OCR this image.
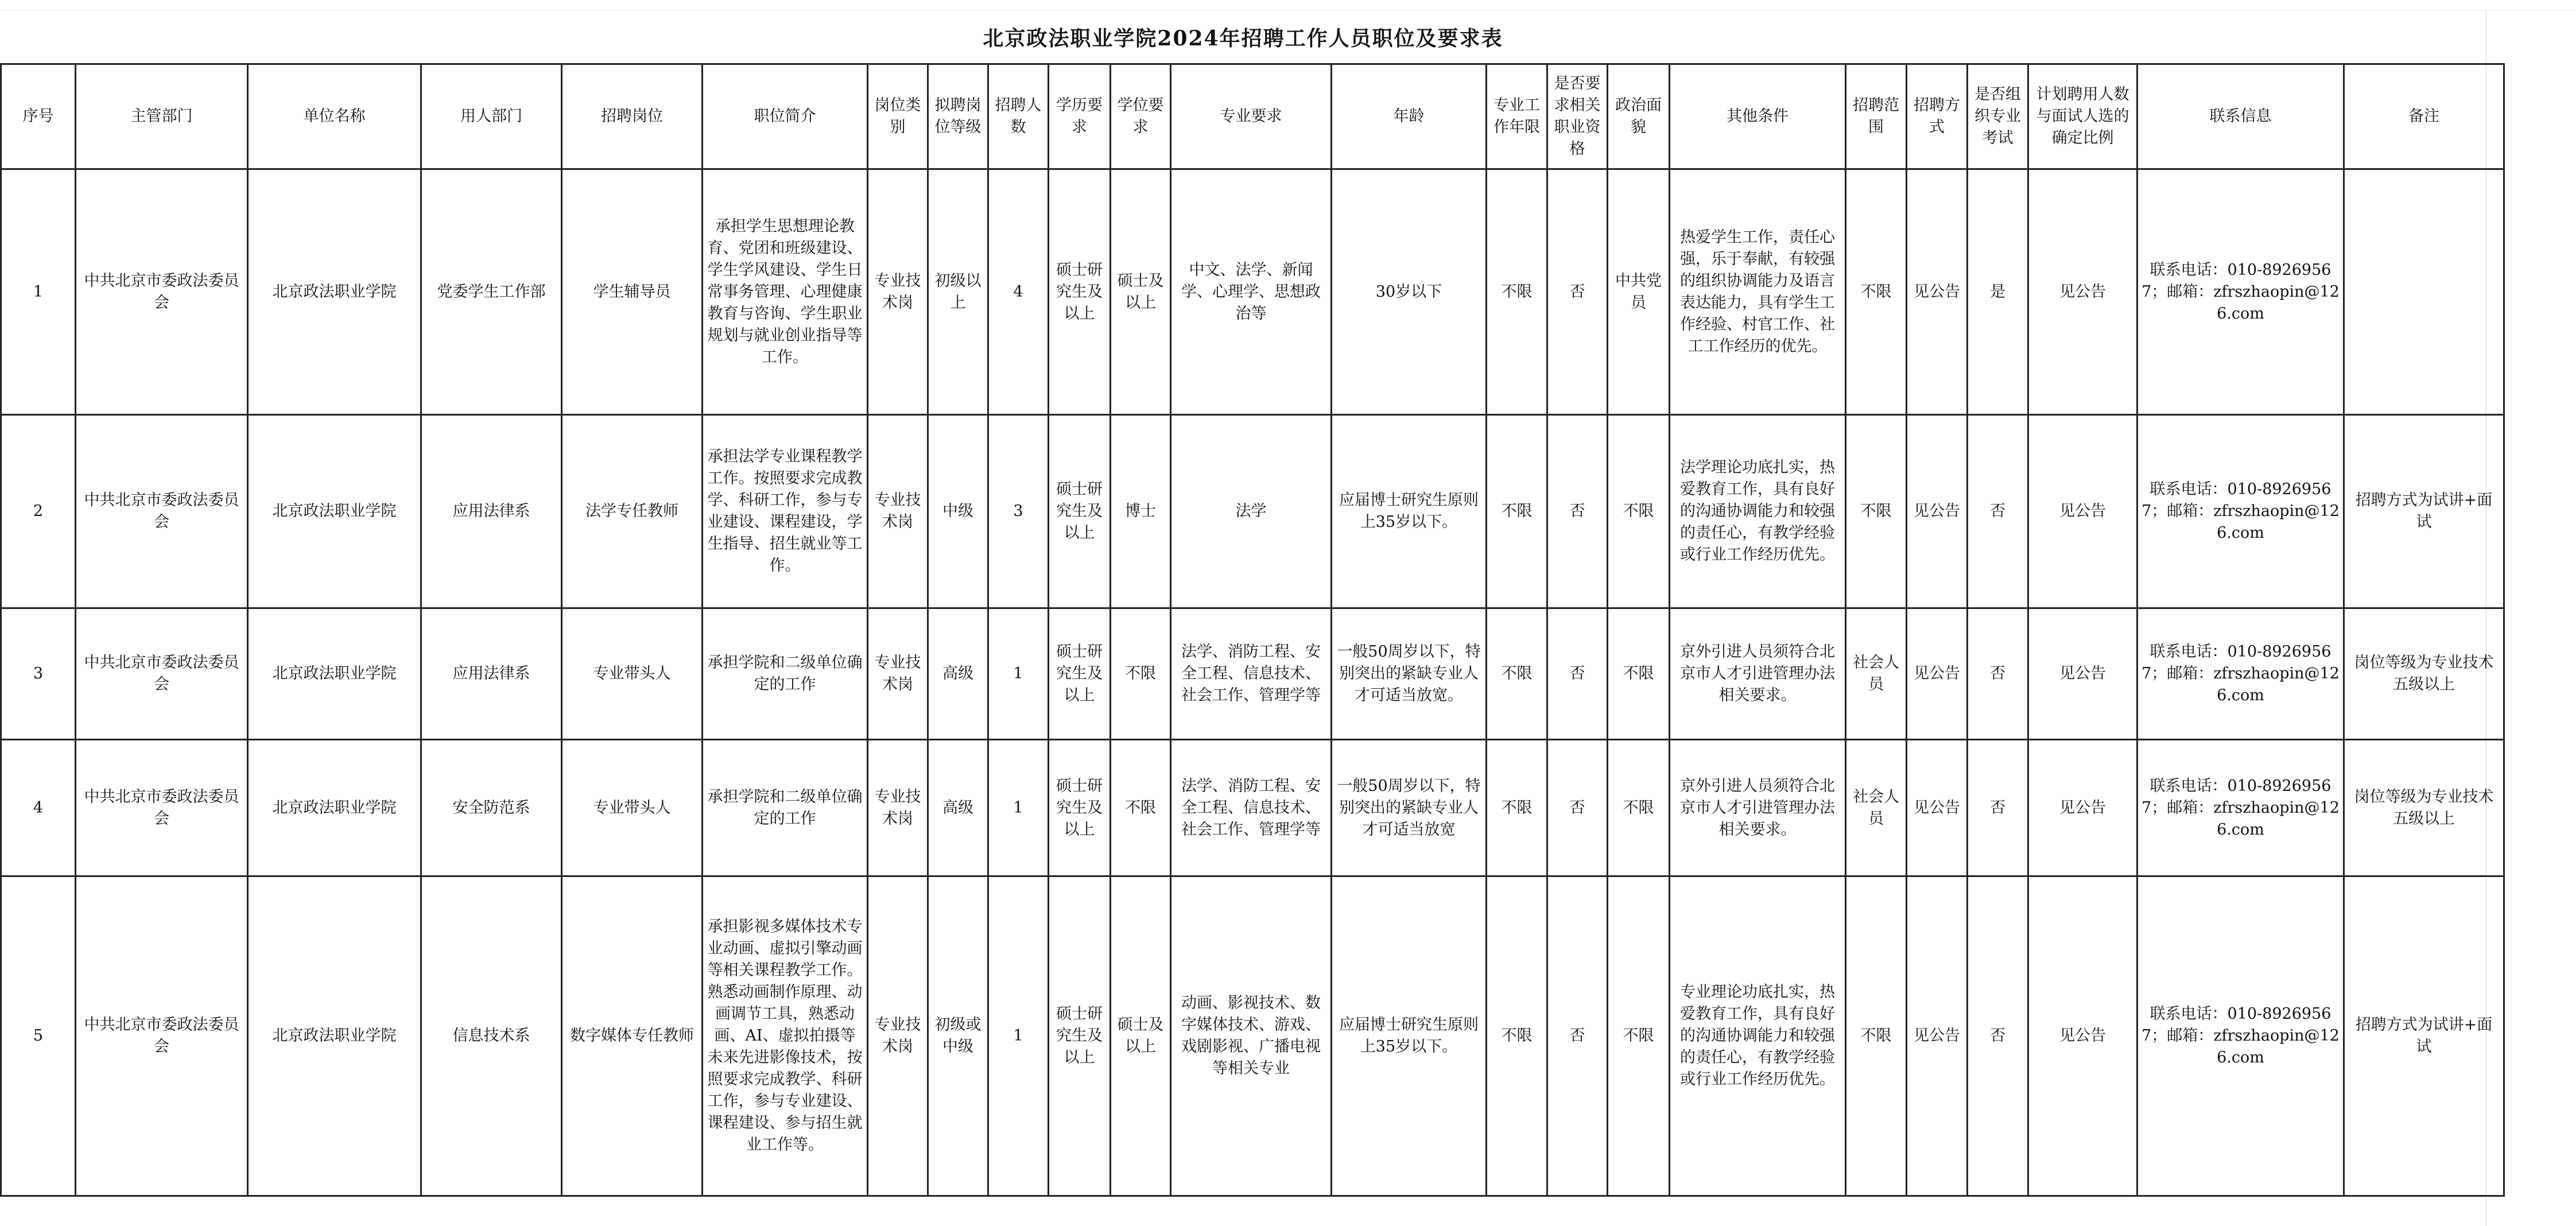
北京政法职业学院2024年招聘工作人员职位及要求表
序号	主管部门	单位名称	用人部门	招聘岗位	职位简介	岗位类别	拟聘岗位等级	招聘人数	学历要求	学位要求	专业要求	年龄	专业工作年限	是否要求相关职业资格	政治面貌	其他条件	招聘范围	招聘方式	是否组织专业考试	计划聘用人数与面试人选的确定比例	联系信息	备注
1	中共北京市委政法委员会	北京政法职业学院	党委学生工作部	学生辅导员	承担学生思想理论教育、党团和班级建设、学生学风建设、学生日常事务管理、心理健康教育与咨询、学生职业规划与就业创业指导等工作。	专业技术岗	初级以上	4	硕士研究生及以上	硕士及以上	中文、法学、新闻学、心理学、思想政治等	30岁以下	不限	否	中共党员	热爱学生工作，责任心强，乐于奉献，有较强的组织协调能力及语言表达能力，具有学生工作经验、村官工作、社工工作经历的优先。	不限	见公告	是	见公告	联系电话：010-89269567；邮箱：zfrszhaopin@126.com	
2	中共北京市委政法委员会	北京政法职业学院	应用法律系	法学专任教师	承担法学专业课程教学工作。按照要求完成教学、科研工作，参与专业建设、课程建设，学生指导、招生就业等工作。	专业技术岗	中级	3	硕士研究生及以上	博士	法学	应届博士研究生原则上35岁以下。	不限	否	不限	法学理论功底扎实，热爱教育工作，具有良好的沟通协调能力和较强的责任心，有教学经验或行业工作经历优先。	不限	见公告	否	见公告	联系电话：010-89269567；邮箱：zfrszhaopin@126.com	招聘方式为试讲+面试
3	中共北京市委政法委员会	北京政法职业学院	应用法律系	专业带头人	承担学院和二级单位确定的工作	专业技术岗	高级	1	硕士研究生及以上	不限	法学、消防工程、安全工程、信息技术、社会工作、管理学等	一般50周岁以下，特别突出的紧缺专业人才可适当放宽。	不限	否	不限	京外引进人员须符合北京市人才引进管理办法相关要求。	社会人员	见公告	否	见公告	联系电话：010-89269567；邮箱：zfrszhaopin@126.com	岗位等级为专业技术五级以上
4	中共北京市委政法委员会	北京政法职业学院	安全防范系	专业带头人	承担学院和二级单位确定的工作	专业技术岗	高级	1	硕士研究生及以上	不限	法学、消防工程、安全工程、信息技术、社会工作、管理学等	一般50周岁以下，特别突出的紧缺专业人才可适当放宽	不限	否	不限	京外引进人员须符合北京市人才引进管理办法相关要求。	社会人员	见公告	否	见公告	联系电话：010-89269567；邮箱：zfrszhaopin@126.com	岗位等级为专业技术五级以上
5	中共北京市委政法委员会	北京政法职业学院	信息技术系	数字媒体专任教师	承担影视多媒体技术专业动画、虚拟引擎动画等相关课程教学工作。熟悉动画制作原理、动画调节工具，熟悉动画、AI、虚拟拍摄等未来先进影像技术，按照要求完成教学、科研工作，参与专业建设、课程建设、参与招生就业工作等。	专业技术岗	初级或中级	1	硕士研究生及以上	硕士及以上	动画、影视技术、数字媒体技术、游戏、戏剧影视、广播电视等相关专业	应届博士研究生原则上35岁以下。	不限	否	不限	专业理论功底扎实，热爱教育工作，具有良好的沟通协调能力和较强的责任心，有教学经验或行业工作经历优先。	不限	见公告	否	见公告	联系电话：010-89269567；邮箱：zfrszhaopin@126.com	招聘方式为试讲+面试
